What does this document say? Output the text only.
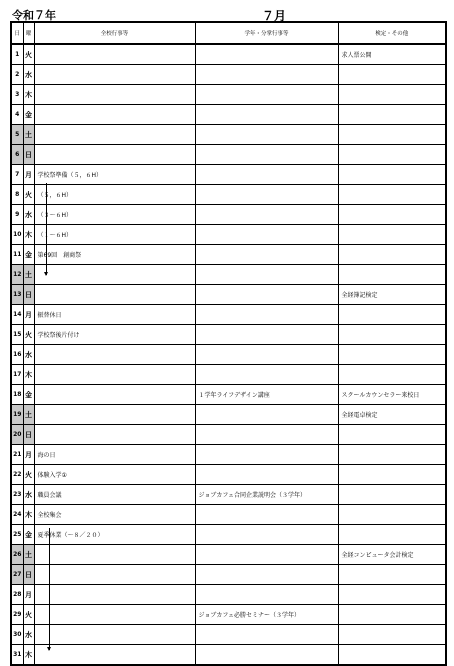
令和７年	７月
日	曜	全校行事等	学年・分掌行事等	検定・その他
1	火			求人票公開
2	水			
3	木			
4	金			
5	土			
6	日			
7	月	学校祭準備（５，６H）		
8	火	（５，６H）		
9	水	（３～６H）		
10	木	（１～６H）		
11	金	第69回　創商祭		
12	土			
13	日			全経簿記検定
14	月	振替休日		
15	火	学校祭後片付け		
16	水			
17	木			
18	金		１学年ライフデザイン講座	スクールカウンセラー来校日
19	土			全経電卓検定
20	日			
21	月	海の日		
22	火	体験入学①		
23	水	職員会議	ジョブカフェ合同企業説明会（３学年）	
24	木	全校集会		
25	金	夏季休業（～８／２０）		
26	土			全経コンピュータ会計検定
27	日			
28	月			
29	火		ジョブカフェ必勝セミナー（３学年）	
30	水			
31	木			
